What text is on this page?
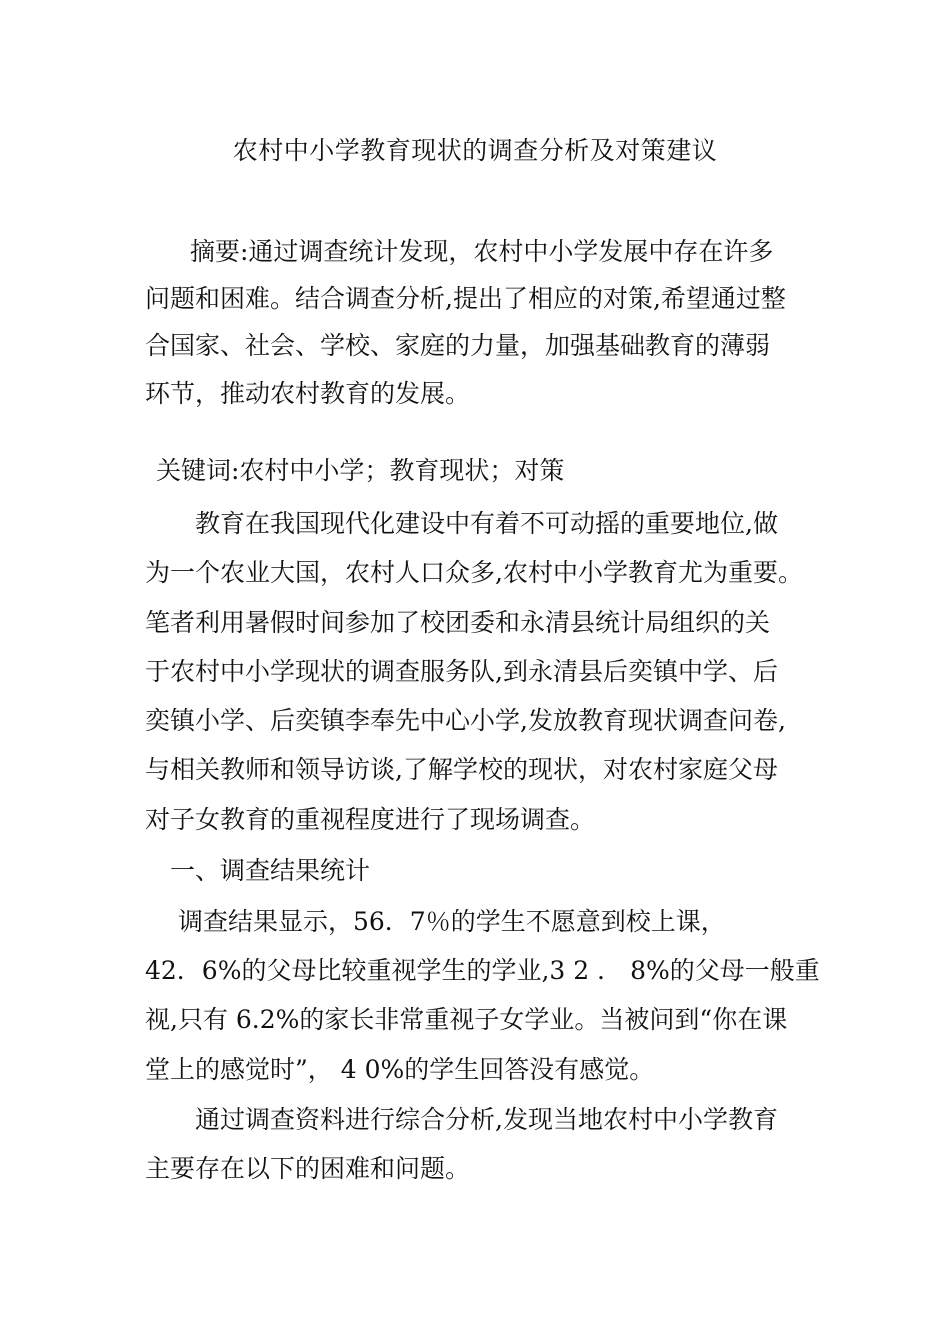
农村中小学教育现状的调查分析及对策建议

摘要:通过调查统计发现，农村中小学发展中存在许多

问题和困难。结合调查分析,提出了相应的对策,希望通过整

合国家、社会、学校、家庭的力量，加强基础教育的薄弱

环节，推动农村教育的发展。

关键词:农村中小学；教育现状；对策

教育在我国现代化建设中有着不可动摇的重要地位,做

为一个农业大国，农村人口众多,农村中小学教育尤为重要。

笔者利用暑假时间参加了校团委和永清县统计局组织的关

于农村中小学现状的调查服务队,到永清县后奕镇中学、后

奕镇小学、后奕镇李奉先中心小学,发放教育现状调查问卷,

与相关教师和领导访谈,了解学校的现状，对农村家庭父母

对子女教育的重视程度进行了现场调查。

一、调查结果统计

调查结果显示，56．7％的学生不愿意到校上课，

42．6%的父母比较重视学生的学业,3 2 ． 8%的父母一般重

视,只有 6.2%的家长非常重视子女学业。当被问到“你在课

堂上的感觉时”， 4 0%的学生回答没有感觉。

通过调查资料进行综合分析,发现当地农村中小学教育

主要存在以下的困难和问题。
